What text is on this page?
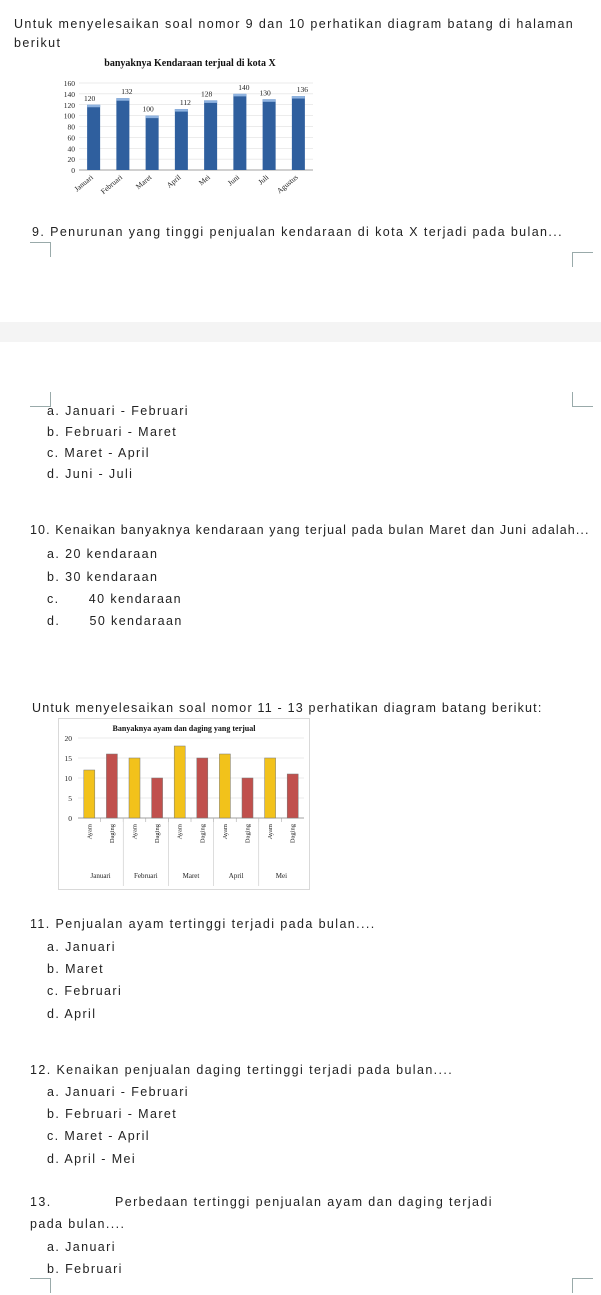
Untuk menyelesaikan soal nomor 9 dan 10 perhatikan diagram batang di halaman
berikut
banyaknya Kendaraan terjual di kota X
0
20
40
60
80
100
120
140
160
120
Januari
132
Februari
100
Maret
112
April
128
Mei
140
Juni
130
Juli
136
Agustus
9. Penurunan yang tinggi penjualan kendaraan di kota X terjadi pada bulan...
a. Januari - Februari
b. Februari - Maret
c. Maret - April
d. Juni - Juli
10. Kenaikan banyaknya kendaraan yang terjual pada bulan Maret dan Juni adalah...
a. 20 kendaraan
b. 30 kendaraan
c.      40 kendaraan
d.      50 kendaraan
Untuk menyelesaikan soal nomor 11 - 13 perhatikan diagram batang berikut:
Banyaknya ayam dan daging yang terjual
0
5
10
15
20
Ayam Daging
Januari
Ayam Daging
Februari
Ayam Daging
Maret
Ayam Daging
April
Ayam Daging
Mei
11. Penjualan ayam tertinggi terjadi pada bulan....
a. Januari
b. Maret
c. Februari
d. April
12. Kenaikan penjualan daging tertinggi terjadi pada bulan....
a. Januari - Februari
b. Februari - Maret
c. Maret - April
d. April - Mei
13.	Perbedaan tertinggi penjualan ayam dan daging terjadi
pada bulan....
a. Januari
b. Februari
